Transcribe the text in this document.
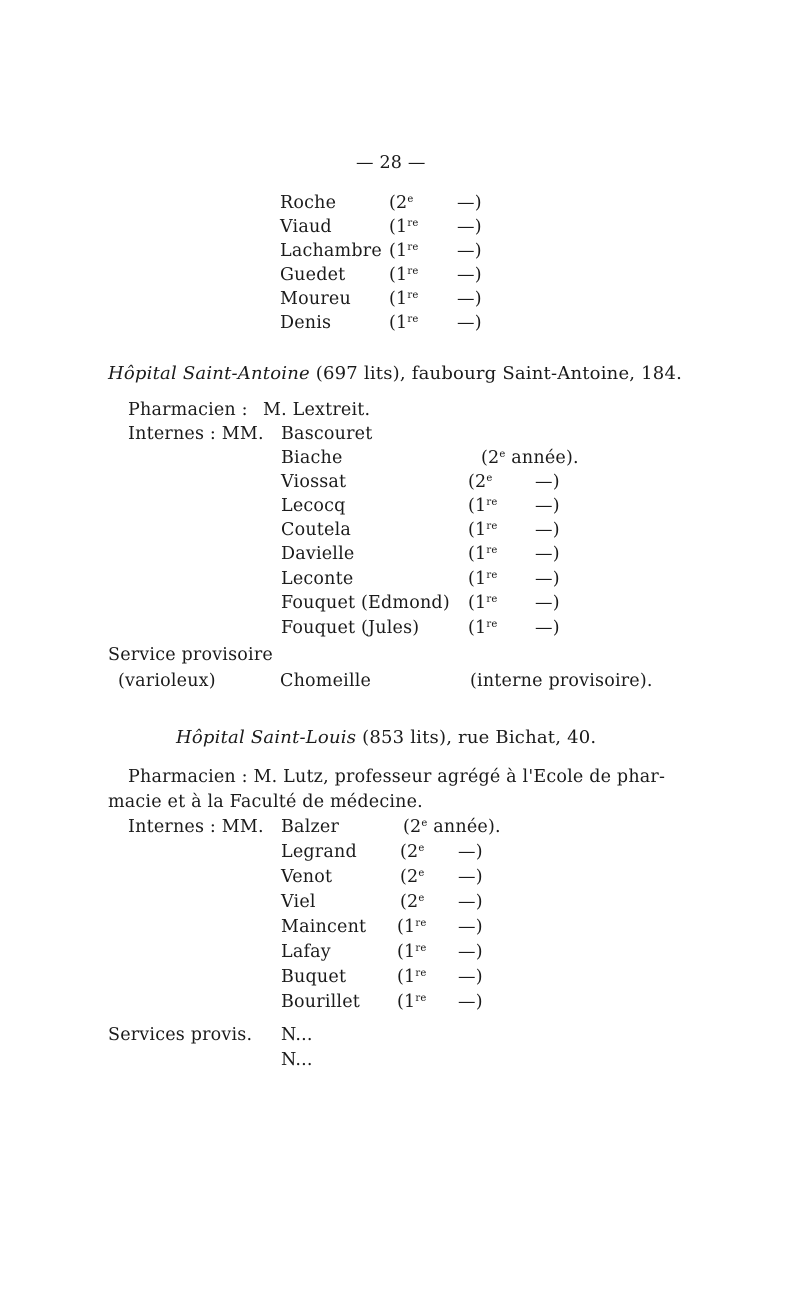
— 28 —
Roche	(2e —)
Viaud	(1re —)
Lachambre (1re —)
Guedet (1re —)
Moureu (1re —)
Denis	(1re —)
Hôpital Saint-Antoine (697 lits), faubourg Saint-Antoine, 184.
Pharmacien : M. Lextreit.
Internes : MM. Bascouret
Biache	(2e année).
Viossat	(2e —)
Lecocq	(1re —)
Coutela	(1re —)
Davielle	(1re —)
Leconte	(1re —)
Fouquet (Edmond) (1re —)
Fouquet (Jules)	(1re —)
Service provisoire
(varioleux)	Chomeille	(interne provisoire).
Hôpital Saint-Louis (853 lits), rue Bichat, 40.
Pharmacien : M. Lutz, professeur agrégé à l'Ecole de phar-
macie et à la Faculté de médecine.
Internes : MM. Balzer	(2e année).
Legrand (2e —)
Venot	(2e —)
Viel	(2e —)
Maincent (1re —)
Lafay	(1re —)
Buquet	(1re —)
Bourillet (1re —)
Services provis. N...
N...
